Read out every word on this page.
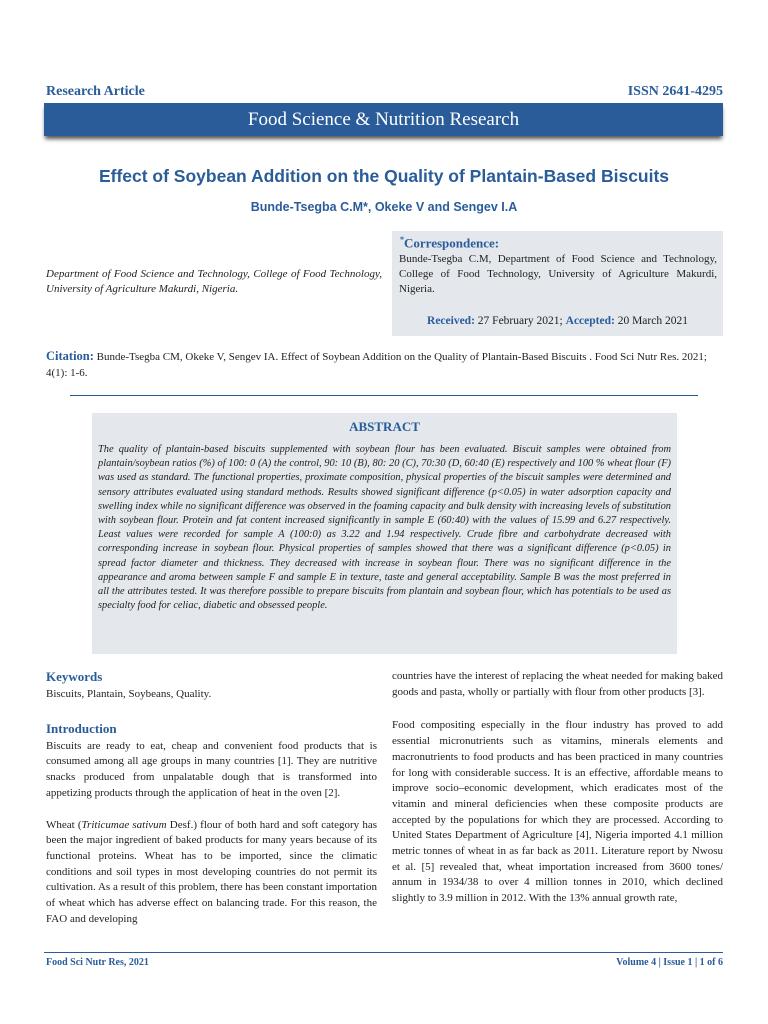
Research Article	ISSN 2641-4295
Food Science & Nutrition Research
Effect of Soybean Addition on the Quality of Plantain-Based Biscuits
Bunde-Tsegba C.M*, Okeke V and Sengev I.A
Department of Food Science and Technology, College of Food Technology, University of Agriculture Makurdi, Nigeria.
*Correspondence:
Bunde-Tsegba C.M, Department of Food Science and Technology, College of Food Technology, University of Agriculture Makurdi, Nigeria.
Received: 27 February 2021; Accepted: 20 March 2021
Citation: Bunde-Tsegba CM, Okeke V, Sengev IA. Effect of Soybean Addition on the Quality of Plantain-Based Biscuits . Food Sci Nutr Res. 2021; 4(1): 1-6.
ABSTRACT
The quality of plantain-based biscuits supplemented with soybean flour has been evaluated. Biscuit samples were obtained from plantain/soybean ratios (%) of 100: 0 (A) the control, 90: 10 (B), 80: 20 (C), 70:30 (D, 60:40 (E) respectively and 100 % wheat flour (F) was used as standard. The functional properties, proximate composition, physical properties of the biscuit samples were determined and sensory attributes evaluated using standard methods. Results showed significant difference (p<0.05) in water adsorption capacity and swelling index while no significant difference was observed in the foaming capacity and bulk density with increasing levels of substitution with soybean flour. Protein and fat content increased significantly in sample E (60:40) with the values of 15.99 and 6.27 respectively. Least values were recorded for sample A (100:0) as 3.22 and 1.94 respectively. Crude fibre and carbohydrate decreased with corresponding increase in soybean flour. Physical properties of samples showed that there was a significant difference (p<0.05) in spread factor diameter and thickness. They decreased with increase in soybean flour. There was no significant difference in the appearance and aroma between sample F and sample E in texture, taste and general acceptability. Sample B was the most preferred in all the attributes tested. It was therefore possible to prepare biscuits from plantain and soybean flour, which has potentials to be used as specialty food for celiac, diabetic and obsessed people.
Keywords

Biscuits, Plantain, Soybeans, Quality.

Introduction

Biscuits are ready to eat, cheap and convenient food products that is consumed among all age groups in many countries [1]. They are nutritive snacks produced from unpalatable dough that is transformed into appetizing products through the application of heat in the oven [2].

Wheat (Triticumae sativum Desf.) flour of both hard and soft category has been the major ingredient of baked products for many years because of its functional proteins. Wheat has to be imported, since the climatic conditions and soil types in most developing countries do not permit its cultivation. As a result of this problem, there has been constant importation of wheat which has adverse effect on balancing trade. For this reason, the FAO and developing

countries have the interest of replacing the wheat needed for making baked goods and pasta, wholly or partially with flour from other products [3].

Food compositing especially in the flour industry has proved to add essential micronutrients such as vitamins, minerals elements and macronutrients to food products and has been practiced in many countries for long with considerable success. It is an effective, affordable means to improve socio–economic development, which eradicates most of the vitamin and mineral deficiencies when these composite products are accepted by the populations for which they are processed. According to United States Department of Agriculture [4], Nigeria imported 4.1 million metric tonnes of wheat in as far back as 2011. Literature report by Nwosu et al. [5] revealed that, wheat importation increased from 3600 tones/ annum in 1934/38 to over 4 million tonnes in 2010, which declined slightly to 3.9 million in 2012. With the 13% annual growth rate,

Food Sci Nutr Res, 2021	Volume 4 | Issue 1 | 1 of 6
